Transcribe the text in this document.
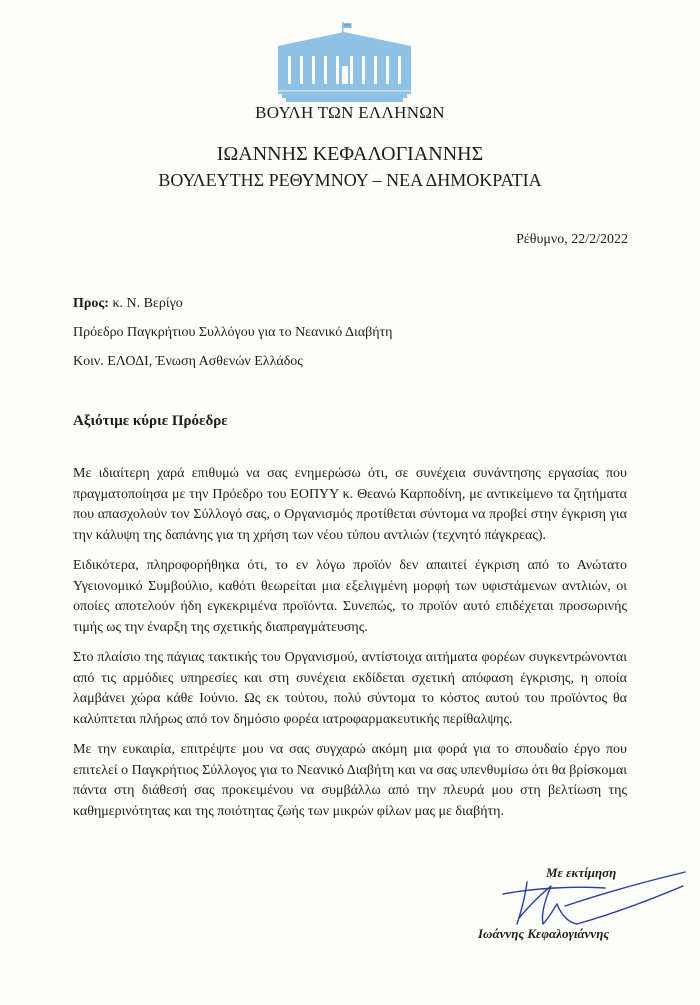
ΒΟΥΛΗ ΤΩΝ ΕΛΛΗΝΩΝ
ΙΩΑΝΝΗΣ ΚΕΦΑΛΟΓΙΑΝΝΗΣ
ΒΟΥΛΕΥΤΗΣ ΡΕΘΥΜΝΟΥ – ΝΕΑ ΔΗΜΟΚΡΑΤΙΑ
Ρέθυμνο, 22/2/2022
Προς: κ. Ν. Βερίγο
Πρόεδρο Παγκρήτιου Συλλόγου για το Νεανικό Διαβήτη
Κοιν. ΕΛΟΔΙ, Ένωση Ασθενών Ελλάδος
Αξιότιμε κύριε Πρόεδρε

Με ιδιαίτερη χαρά επιθυμώ να σας ενημερώσω ότι, σε συνέχεια συνάντησης εργασίας που πραγματοποίησα με την Πρόεδρο του ΕΟΠΥΥ κ. Θεανώ Καρποδίνη, με αντικείμενο τα ζητήματα που απασχολούν τον Σύλλογό σας, ο Οργανισμός προτίθεται σύντομα να προβεί στην έγκριση για την κάλυψη της δαπάνης για τη χρήση των νέου τύπου αντλιών (τεχνητό πάγκρεας).

Ειδικότερα, πληροφορήθηκα ότι, το εν λόγω προϊόν δεν απαιτεί έγκριση από το Ανώτατο Υγειονομικό Συμβούλιο, καθότι θεωρείται μια εξελιγμένη μορφή των υφιστάμενων αντλιών, οι οποίες αποτελούν ήδη εγκεκριμένα προϊόντα. Συνεπώς, το προϊόν αυτό επιδέχεται προσωρινής τιμής ως την έναρξη της σχετικής διαπραγμάτευσης.

Στο πλαίσιο της πάγιας τακτικής του Οργανισμού, αντίστοιχα αιτήματα φορέων συγκεντρώνονται από τις αρμόδιες υπηρεσίες και στη συνέχεια εκδίδεται σχετική απόφαση έγκρισης, η οποία λαμβάνει χώρα κάθε Ιούνιο. Ως εκ τούτου, πολύ σύντομα το κόστος αυτού του προϊόντος θα καλύπτεται πλήρως από τον δημόσιο φορέα ιατροφαρμακευτικής περίθαλψης.

Με την ευκαιρία, επιτρέψτε μου να σας συγχαρώ ακόμη μια φορά για το σπουδαίο έργο που επιτελεί ο Παγκρήτιος Σύλλογος για το Νεανικό Διαβήτη και να σας υπενθυμίσω ότι θα βρίσκομαι πάντα στη διάθεσή σας προκειμένου να συμβάλλω από την πλευρά μου στη βελτίωση της καθημερινότητας και της ποιότητας ζωής των μικρών φίλων μας με διαβήτη.

Με εκτίμηση
Ιωάννης Κεφαλογιάννης
